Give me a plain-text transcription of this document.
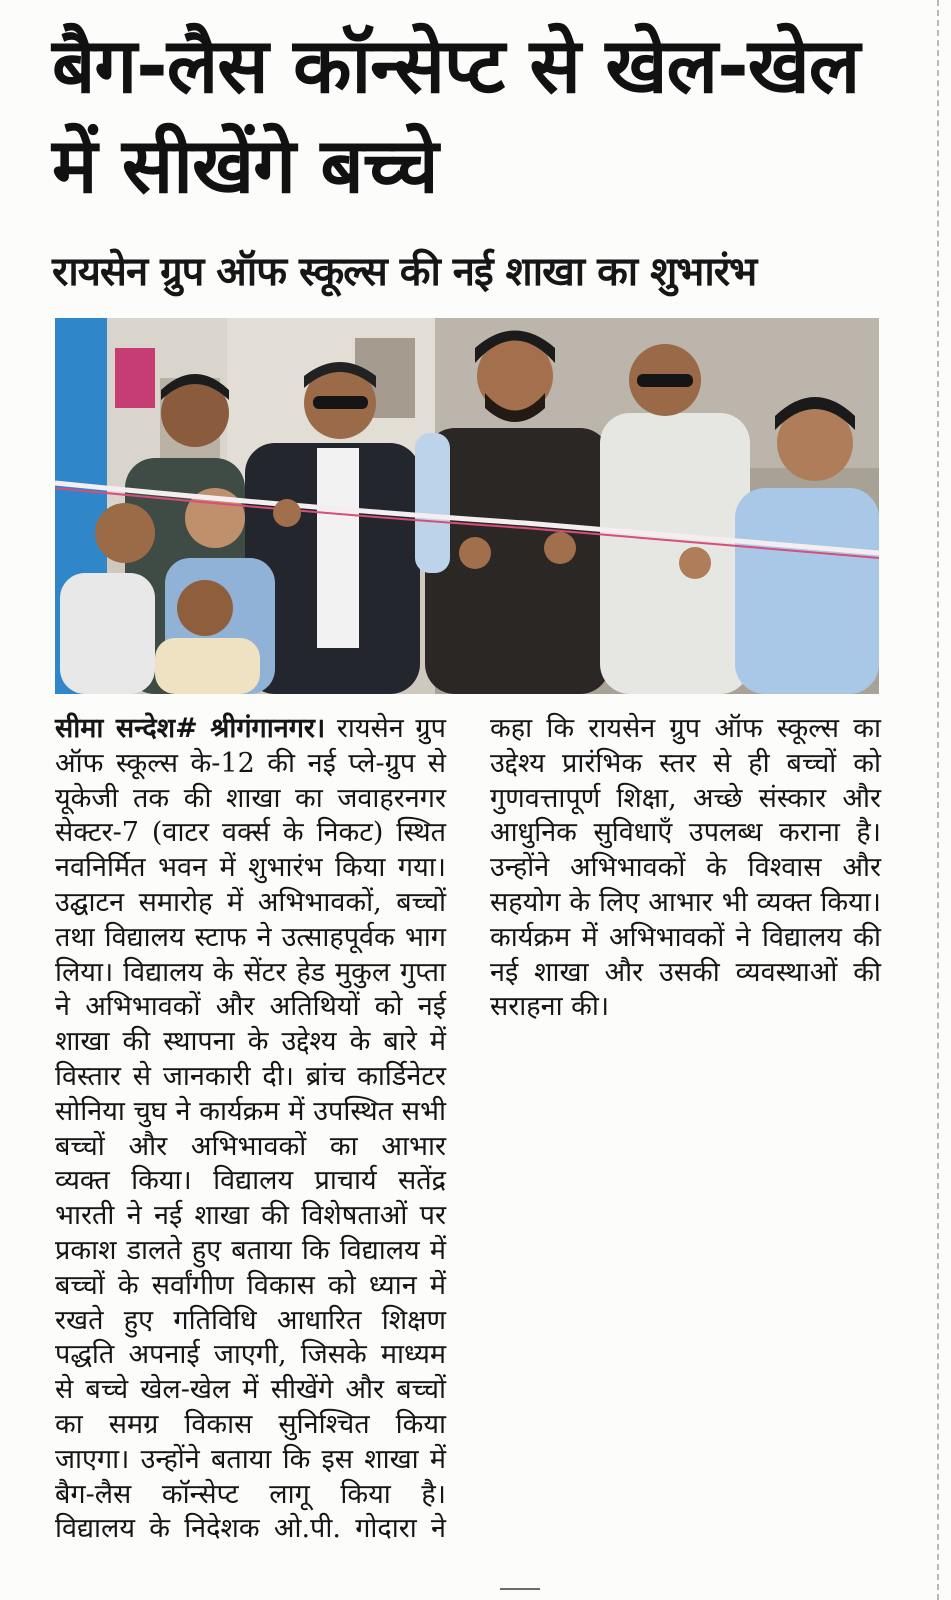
बैग-लैस कॉन्सेप्ट से खेल-खेल में सीखेंगे बच्चे
रायसेन ग्रुप ऑफ स्कूल्स की नई शाखा का शुभारंभ

सीमा सन्देश# श्रीगंगानगर। रायसेन ग्रुप ऑफ स्कूल्स के-12 की नई प्ले-ग्रुप से यूकेजी तक की शाखा का जवाहरनगर सेक्टर-7 (वाटर वर्क्स के निकट) स्थित नवनिर्मित भवन में शुभारंभ किया गया। उद्घाटन समारोह में अभिभावकों, बच्चों तथा विद्यालय स्टाफ ने उत्साहपूर्वक भाग लिया। विद्यालय के सेंटर हेड मुकुल गुप्ता ने अभिभावकों और अतिथियों को नई शाखा की स्थापना के उद्देश्य के बारे में विस्तार से जानकारी दी। ब्रांच कार्डिनेटर सोनिया चुघ ने कार्यक्रम में उपस्थित सभी बच्चों और अभिभावकों का आभार व्यक्त किया। विद्यालय प्राचार्य सतेंद्र भारती ने नई शाखा की विशेषताओं पर प्रकाश डालते हुए बताया कि विद्यालय में बच्चों के सर्वांगीण विकास को ध्यान में रखते हुए गतिविधि आधारित शिक्षण पद्धति अपनाई जाएगी, जिसके माध्यम से बच्चे खेल-खेल में सीखेंगे और बच्चों का समग्र विकास सुनिश्चित किया जाएगा। उन्होंने बताया कि इस शाखा में बैग-लैस कॉन्सेप्ट लागू किया है। विद्यालय के निदेशक ओ.पी. गोदारा ने कहा कि रायसेन ग्रुप ऑफ स्कूल्स का उद्देश्य प्रारंभिक स्तर से ही बच्चों को गुणवत्तापूर्ण शिक्षा, अच्छे संस्कार और आधुनिक सुविधाएँ उपलब्ध कराना है। उन्होंने अभिभावकों के विश्वास और सहयोग के लिए आभार भी व्यक्त किया। कार्यक्रम में अभिभावकों ने विद्यालय की नई शाखा और उसकी व्यवस्थाओं की सराहना की।
